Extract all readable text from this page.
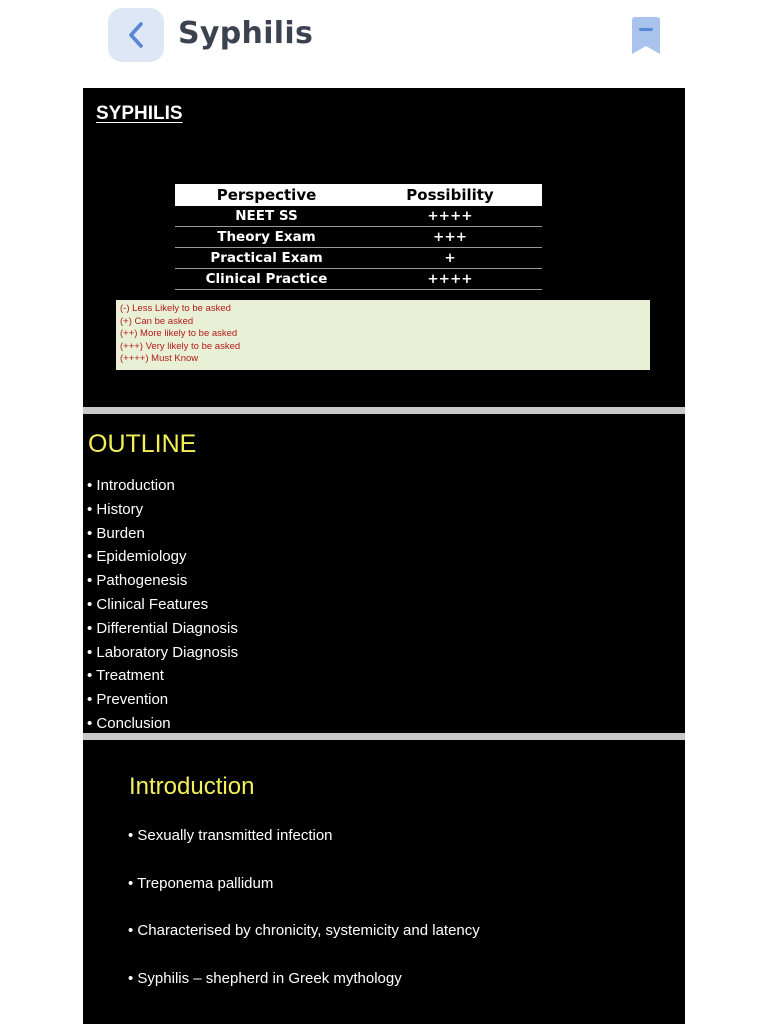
Syphilis
SYPHILIS
Perspective	Possibility
NEET SS	++++
Theory Exam	+++
Practical Exam	+
Clinical Practice	++++
(-) Less Likely to be asked
(+) Can be asked
(++) More likely to be asked
(+++) Very likely to be asked
(++++) Must Know
OUTLINE
• Introduction
• History
• Burden
• Epidemiology
• Pathogenesis
• Clinical Features
• Differential Diagnosis
• Laboratory Diagnosis
• Treatment
• Prevention
• Conclusion
Introduction
• Sexually transmitted infection
• Treponema pallidum
• Characterised by chronicity, systemicity and latency
• Syphilis – shepherd in Greek mythology
